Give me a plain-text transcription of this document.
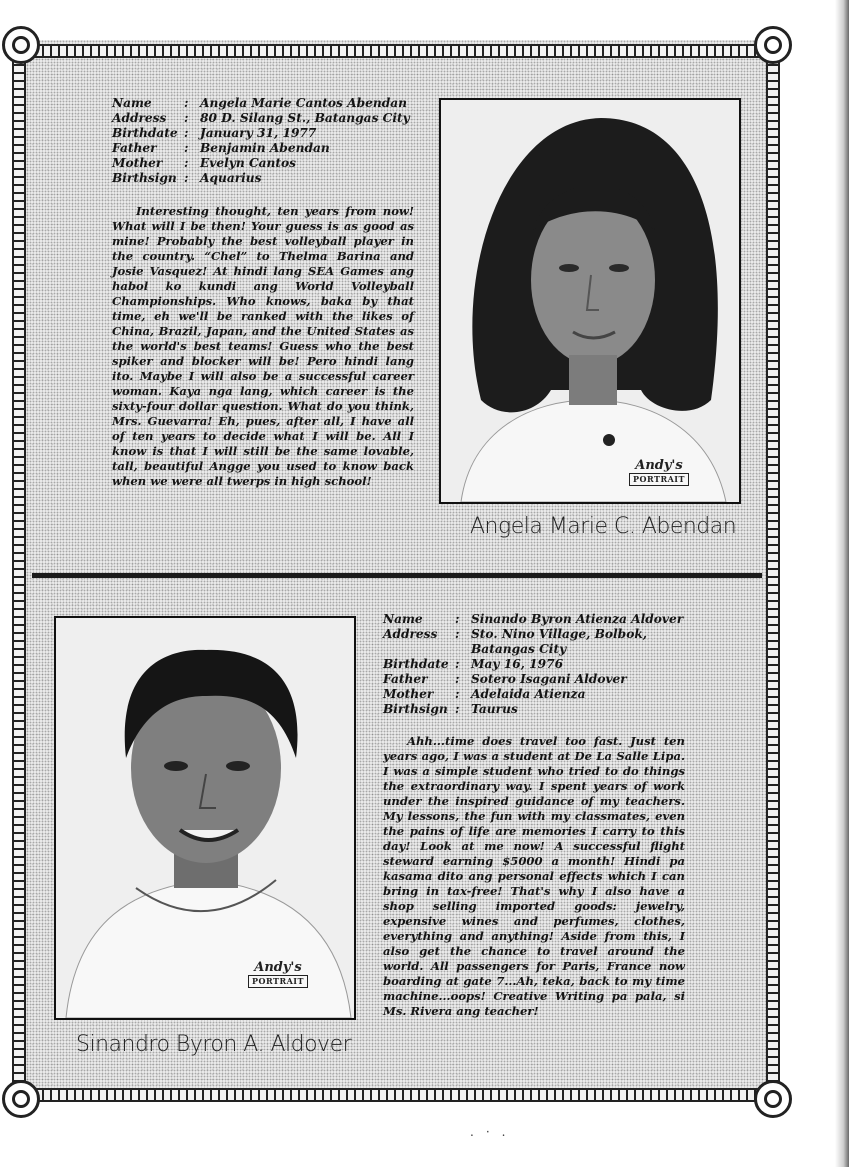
Name	:	Angela Marie Cantos Abendan
Address	:	80 D. Silang St., Batangas City
Birthdate	:	January 31, 1977
Father	:	Benjamin Abendan
Mother	:	Evelyn Cantos
Birthsign	:	Aquarius

Interesting thought, ten years from now! What will I be then! Your guess is as good as mine! Probably the best volleyball player in the country. “Chel” to Thelma Barina and Josie Vasquez! At hindi lang SEA Games ang habol ko kundi ang World Volleyball Championships. Who knows, baka by that time, eh we'll be ranked with the likes of China, Brazil, Japan, and the United States as the world's best teams! Guess who the best spiker and blocker will be! Pero hindi lang ito. Maybe I will also be a successful career woman. Kaya nga lang, which career is the sixty-four dollar question. What do you think, Mrs. Guevarra! Eh, pues, after all, I have all of ten years to decide what I will be. All I know is that I will still be the same lovable, tall, beautiful Angge you used to know back when we were all twerps in high school!

Andy's
PORTRAIT
Angela Marie C. Abendan
Andy's
PORTRAIT
Name	:	Sinando Byron Atienza Aldover
Address	:	Sto. Nino Village, Bolbok,
		Batangas City
Birthdate	:	May 16, 1976
Father	:	Sotero Isagani Aldover
Mother	:	Adelaida Atienza
Birthsign	:	Taurus

Ahh...time does travel too fast. Just ten years ago, I was a student at De La Salle Lipa. I was a simple student who tried to do things the extraordinary way. I spent years of work under the inspired guidance of my teachers. My lessons, the fun with my classmates, even the pains of life are memories I carry to this day! Look at me now! A successful flight steward earning $5000 a month! Hindi pa kasama dito ang personal effects which I can bring in tax-free! That's why I also have a shop selling imported goods: jewelry, expensive wines and perfumes, clothes, everything and anything! Aside from this, I also get the chance to travel around the world. All passengers for Paris, France now boarding at gate 7...Ah, teka, back to my time machine...oops! Creative Writing pa pala, si Ms. Rivera ang teacher!

Sinandro Byron A. Aldover
.‧.
